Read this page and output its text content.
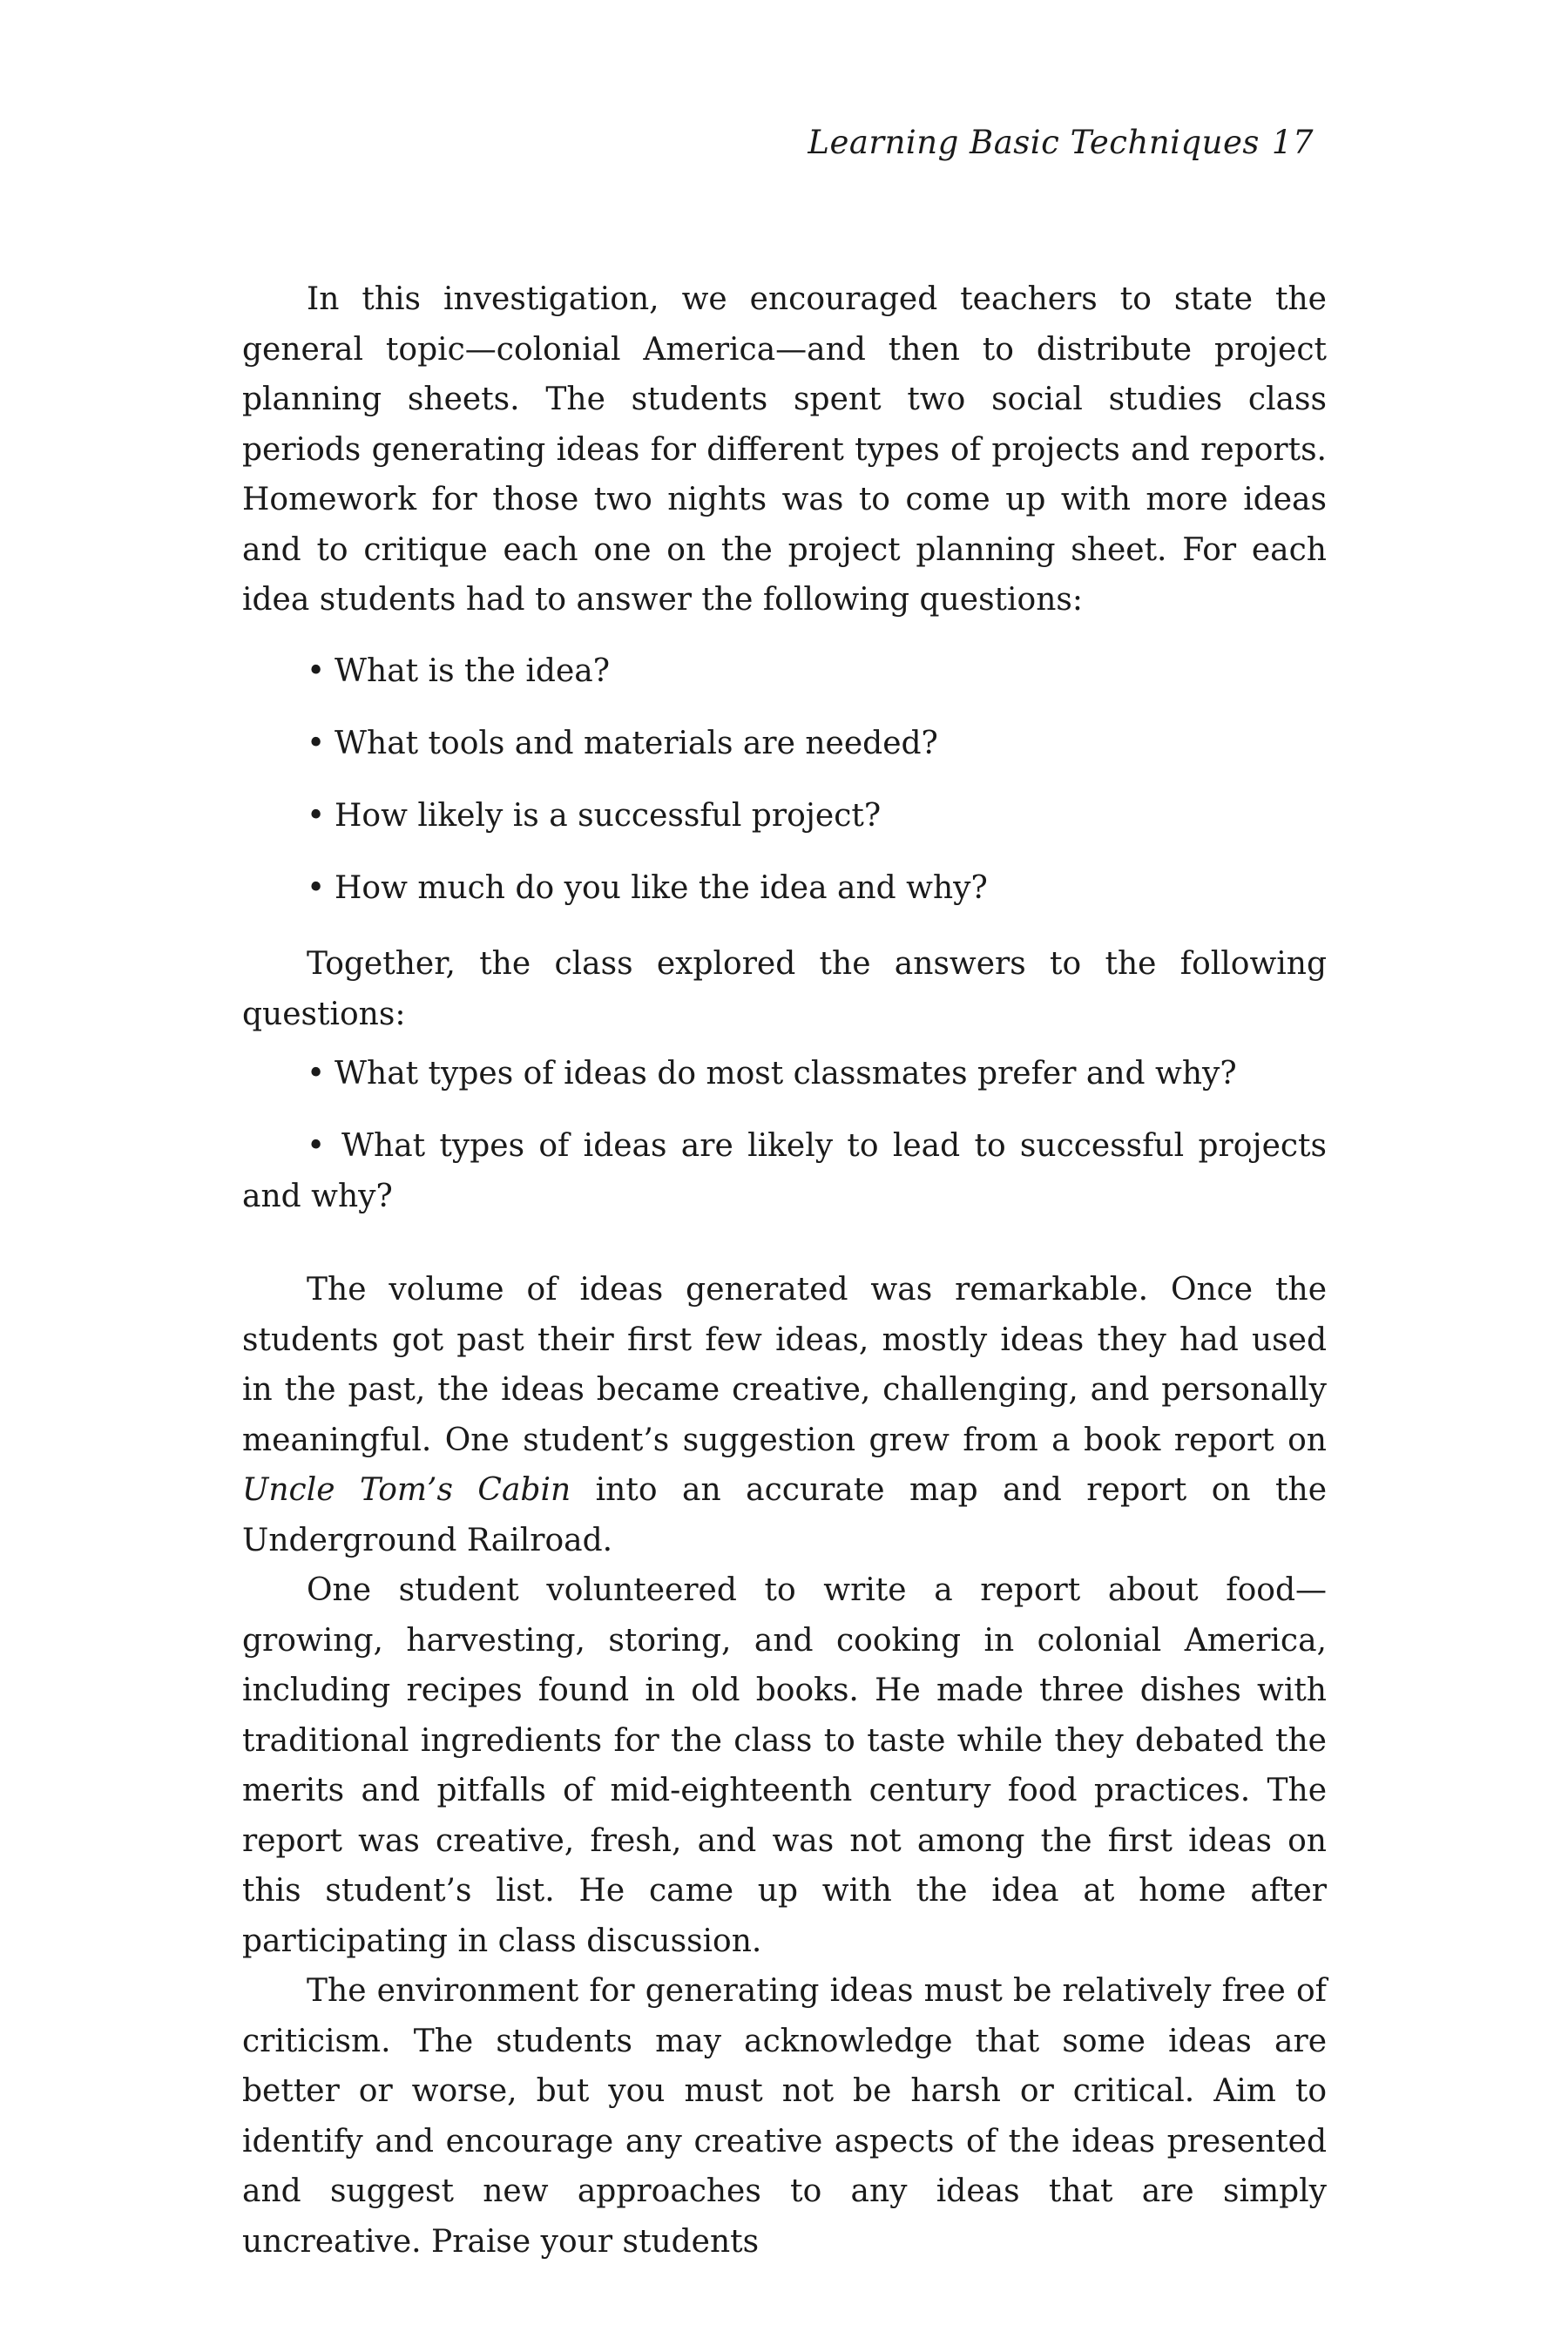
Learning Basic Techniques 17

In this investigation, we encouraged teachers to state the general topic—colonial America—and then to distribute project planning sheets. The students spent two social studies class periods generating ideas for different types of projects and reports. Homework for those two nights was to come up with more ideas and to critique each one on the project planning sheet. For each idea students had to answer the following questions:

• What is the idea?
• What tools and materials are needed?
• How likely is a successful project?
• How much do you like the idea and why?

Together, the class explored the answers to the following questions:

• What types of ideas do most classmates prefer and why?

• What types of ideas are likely to lead to successful projects and why?

The volume of ideas generated was remarkable. Once the students got past their first few ideas, mostly ideas they had used in the past, the ideas became creative, challenging, and personally meaningful. One student’s suggestion grew from a book report on Uncle Tom’s Cabin into an accurate map and report on the Underground Railroad.

One student volunteered to write a report about food—growing, harvesting, storing, and cooking in colonial America, including recipes found in old books. He made three dishes with traditional ingredients for the class to taste while they debated the merits and pitfalls of mid-eighteenth century food practices. The report was creative, fresh, and was not among the first ideas on this student’s list. He came up with the idea at home after participating in class discussion.

The environment for generating ideas must be relatively free of criticism. The students may acknowledge that some ideas are better or worse, but you must not be harsh or critical. Aim to identify and encourage any creative aspects of the ideas presented and suggest new approaches to any ideas that are simply uncreative. Praise your students
